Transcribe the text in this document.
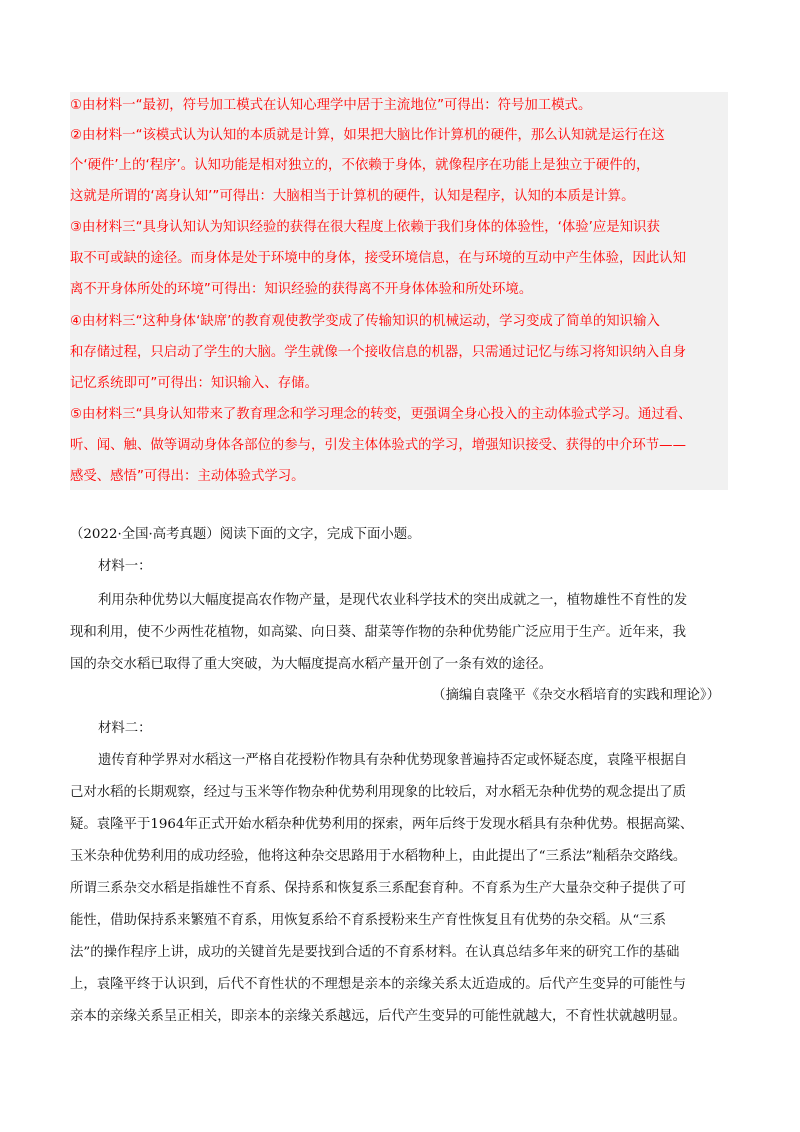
①由材料一“最初，符号加工模式在认知心理学中居于主流地位”可得出：符号加工模式。
②由材料一“该模式认为认知的本质就是计算，如果把大脑比作计算机的硬件，那么认知就是运行在这
个‘硬件’上的‘程序’。认知功能是相对独立的，不依赖于身体，就像程序在功能上是独立于硬件的，
这就是所谓的‘离身认知’”可得出：大脑相当于计算机的硬件，认知是程序，认知的本质是计算。
③由材料三“具身认知认为知识经验的获得在很大程度上依赖于我们身体的体验性，‘体验’应是知识获
取不可或缺的途径。而身体是处于环境中的身体，接受环境信息，在与环境的互动中产生体验，因此认知
离不开身体所处的环境”可得出：知识经验的获得离不开身体体验和所处环境。
④由材料三“这种身体‘缺席’的教育观使教学变成了传输知识的机械运动，学习变成了简单的知识输入
和存储过程，只启动了学生的大脑。学生就像一个接收信息的机器，只需通过记忆与练习将知识纳入自身
记忆系统即可”可得出：知识输入、存储。
⑤由材料三“具身认知带来了教育理念和学习理念的转变，更强调全身心投入的主动体验式学习。通过看、
听、闻、触、做等调动身体各部位的参与，引发主体体验式的学习，增强知识接受、获得的中介环节——
感受、感悟”可得出：主动体验式学习。
（2022·全国·高考真题）阅读下面的文字，完成下面小题。
材料一：
利用杂种优势以大幅度提高农作物产量，是现代农业科学技术的突出成就之一，植物雄性不育性的发
现和利用，使不少两性花植物，如高粱、向日葵、甜菜等作物的杂种优势能广泛应用于生产。近年来，我
国的杂交水稻已取得了重大突破，为大幅度提高水稻产量开创了一条有效的途径。
（摘编自袁隆平《杂交水稻培育的实践和理论》）
材料二：
遗传育种学界对水稻这一严格自花授粉作物具有杂种优势现象普遍持否定或怀疑态度，袁隆平根据自
己对水稻的长期观察，经过与玉米等作物杂种优势利用现象的比较后，对水稻无杂种优势的观念提出了质
疑。袁隆平于1964年正式开始水稻杂种优势利用的探索，两年后终于发现水稻具有杂种优势。根据高粱、
玉米杂种优势利用的成功经验，他将这种杂交思路用于水稻物种上，由此提出了“三系法”籼稻杂交路线。
所谓三系杂交水稻是指雄性不育系、保持系和恢复系三系配套育种。不育系为生产大量杂交种子提供了可
能性，借助保持系来繁殖不育系，用恢复系给不育系授粉来生产育性恢复且有优势的杂交稻。从“三系
法”的操作程序上讲，成功的关键首先是要找到合适的不育系材料。在认真总结多年来的研究工作的基础
上，袁隆平终于认识到，后代不育性状的不理想是亲本的亲缘关系太近造成的。后代产生变异的可能性与
亲本的亲缘关系呈正相关，即亲本的亲缘关系越远，后代产生变异的可能性就越大，不育性状就越明显。
